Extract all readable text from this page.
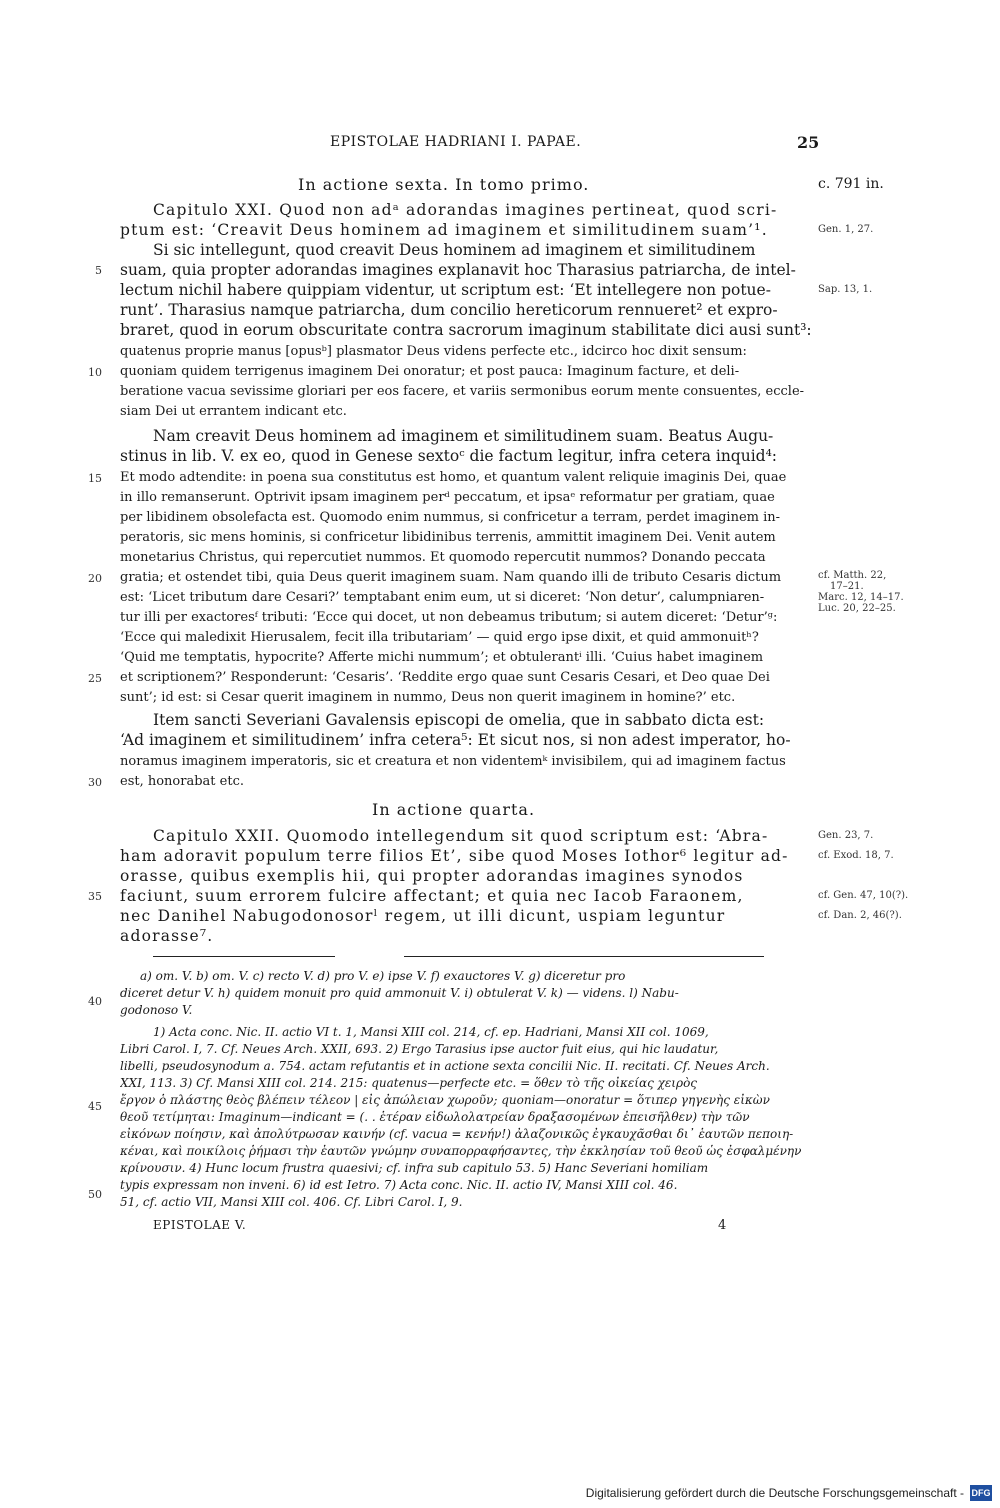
EPISTOLAE HADRIANI I. PAPAE.	25
In actione sexta. In tomo primo.	c. 791 in.
Capitulo XXI. Quod non adᵃ adorandas imagines pertineat, quod scri-
ptum est: ‘Creavit Deus hominem ad imaginem et similitudinem suam’¹.
Si sic intellegunt, quod creavit Deus hominem ad imaginem et similitudinem
suam, quia propter adorandas imagines explanavit hoc Tharasius patriarcha, de intel-
lectum nichil habere quippiam videntur, ut scriptum est: ‘Et intellegere non potue-
runt’. Tharasius namque patriarcha, dum concilio hereticorum rennueret² et expro-
braret, quod in eorum obscuritate contra sacrorum imaginum stabilitate dici ausi sunt³:
quatenus proprie manus [opusᵇ] plasmator Deus videns perfecte etc., idcirco hoc dixit sensum:
quoniam quidem terrigenus imaginem Dei onoratur; et post pauca: Imaginum facture, et deli-
beratione vacua sevissime gloriari per eos facere, et variis sermonibus eorum mente consuentes, eccle-
siam Dei ut errantem indicant etc.
Nam creavit Deus hominem ad imaginem et similitudinem suam. Beatus Augu-
stinus in lib. V. ex eo, quod in Genese sextoᶜ die factum legitur, infra cetera inquid⁴:
Et modo adtendite: in poena sua constitutus est homo, et quantum valent reliquie imaginis Dei, quae
in illo remanserunt. Optrivit ipsam imaginem perᵈ peccatum, et ipsaᵉ reformatur per gratiam, quae
per libidinem obsolefacta est. Quomodo enim nummus, si confricetur a terram, perdet imaginem in-
peratoris, sic mens hominis, si confricetur libidinibus terrenis, ammittit imaginem Dei. Venit autem
monetarius Christus, qui repercutiet nummos. Et quomodo repercutit nummos? Donando peccata
gratia; et ostendet tibi, quia Deus querit imaginem suam. Nam quando illi de tributo Cesaris dictum
est: ‘Licet tributum dare Cesari?’ temptabant enim eum, ut si diceret: ‘Non detur’, calumpniaren-
tur illi per exactoresᶠ tributi: ‘Ecce qui docet, ut non debeamus tributum; si autem diceret: ‘Detur’ᵍ:
‘Ecce qui maledixit Hierusalem, fecit illa tributariam’ — quid ergo ipse dixit, et quid ammonuitʰ?
‘Quid me temptatis, hypocrite? Afferte michi nummum’; et obtulerantⁱ illi. ‘Cuius habet imaginem
et scriptionem?’ Responderunt: ‘Cesaris’. ‘Reddite ergo quae sunt Cesaris Cesari, et Deo quae Dei
sunt’; id est: si Cesar querit imaginem in nummo, Deus non querit imaginem in homine?’ etc.
Item sancti Severiani Gavalensis episcopi de omelia, que in sabbato dicta est:
‘Ad imaginem et similitudinem’ infra cetera⁵: Et sicut nos, si non adest imperator, ho-
noramus imaginem imperatoris, sic et creatura et non videntemᵏ invisibilem, qui ad imaginem factus
est, honorabat etc.
In actione quarta.
Capitulo XXII. Quomodo intellegendum sit quod scriptum est: ‘Abra-
ham adoravit populum terre filios Et’, sibe quod Moses Iothor⁶ legitur ad-
orasse, quibus exemplis hii, qui propter adorandas imagines synodos
faciunt, suum errorem fulcire affectant; et quia nec Iacob Faraonem,
nec Danihel Nabugodonosorˡ regem, ut illi dicunt, uspiam leguntur
adorasse⁷.
5
10
15
20
25
30
35
40
45
50
Gen. 1, 27.
Sap. 13, 1.
cf. Matth. 22,
17–21.
Marc. 12, 14–17.
Luc. 20, 22–25.
Gen. 23, 7.
cf. Exod. 18, 7.
cf. Gen. 47, 10(?).
cf. Dan. 2, 46(?).
a) om. V. b) om. V. c) recto V. d) pro V. e) ipse V. f) exauctores V. g) diceretur pro
diceret detur V. h) quidem monuit pro quid ammonuit V. i) obtulerat V. k) — videns. l) Nabu-
godonoso V.
1) Acta conc. Nic. II. actio VI t. 1, Mansi XIII col. 214, cf. ep. Hadriani, Mansi XII col. 1069,
Libri Carol. I, 7. Cf. Neues Arch. XXII, 693. 2) Ergo Tarasius ipse auctor fuit eius, qui hic laudatur,
libelli, pseudosynodum a. 754. actam refutantis et in actione sexta concilii Nic. II. recitati. Cf. Neues Arch.
XXI, 113. 3) Cf. Mansi XIII col. 214. 215: quatenus—perfecte etc. = ὅθεν τὸ τῆς οἰκείας χειρὸς
ἔργον ὁ πλάστης θεὸς βλέπειν τέλεον | εἰς ἀπώλειαν χωροῦν; quoniam—onoratur = ὅτιπερ γηγενὴς εἰκὼν
θεοῦ τετίμηται: Imaginum—indicant = (. . ἑτέραν εἰδωλολατρείαν δραξασομένων ἐπεισῆλθεν) τὴν τῶν
εἰκόνων ποίησιν, καὶ ἀπολύτρωσαν καινήν (cf. vacua = κενήν!) ἀλαζονικῶς ἐγκαυχᾶσθαι δι᾽ ἑαυτῶν πεποιη-
κέναι, καὶ ποικίλοις ῥήμασι τὴν ἑαυτῶν γνώμην συναπορραφήσαντες, τὴν ἐκκλησίαν τοῦ θεοῦ ὡς ἐσφαλμένην
κρίνουσιν. 4) Hunc locum frustra quaesivi; cf. infra sub capitulo 53. 5) Hanc Severiani homiliam
typis expressam non inveni. 6) id est Ietro. 7) Acta conc. Nic. II. actio IV, Mansi XIII col. 46.
51, cf. actio VII, Mansi XIII col. 406. Cf. Libri Carol. I, 9.
EPISTOLAE V.	4
Digitalisierung gefördert durch die Deutsche Forschungsgemeinschaft - DFG
